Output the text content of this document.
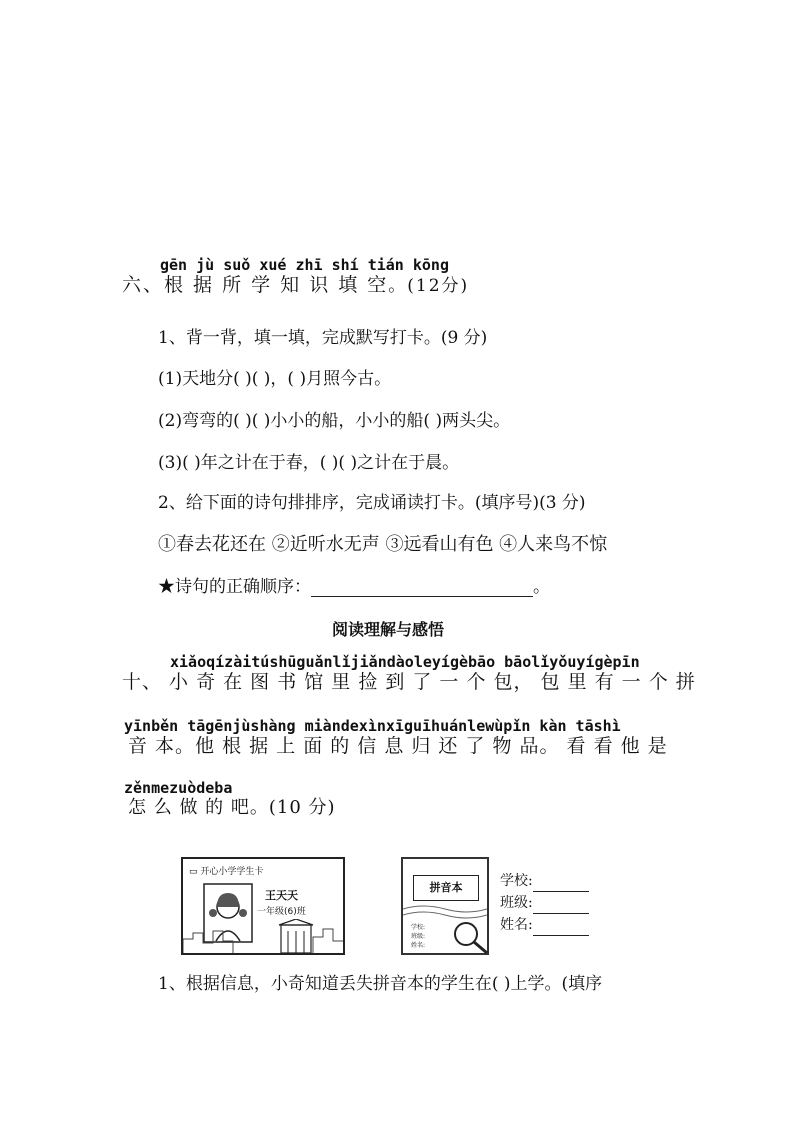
gēn jù suǒ xué zhī shí tián kōng
六、根 据 所 学 知 识 填 空。(12分)
1、背一背，填一填，完成默写打卡。(9 分)
(1)天地分( )( )，( )月照今古。
(2)弯弯的( )( )小小的船，小小的船( )两头尖。
(3)( )年之计在于春，( )( )之计在于晨。
2、给下面的诗句排排序，完成诵读打卡。(填序号)(3 分)
①春去花还在 ②近听水无声 ③远看山有色 ④人来鸟不惊
★诗句的正确顺序：	。
阅读理解与感悟
xiǎoqízàitúshūguǎnlǐjiǎndàoleyígèbāo bāolǐyǒuyígèpīn
十、 小 奇 在 图 书 馆 里 捡 到 了 一 个 包， 包 里 有 一 个 拼
yīnběn tāgēnjùshàng miàndexìnxīguīhuánlewùpǐn kàn tāshì
音 本。他 根 据 上 面 的 信 息 归 还 了 物 品。 看 看 他 是
zěnmezuòdeba
怎 么 做 的 吧。(10 分)
▭ 开心小学学生卡
王天天
一年级(6)班
拼音本
学校:
班级:
姓名:
学校:
班级:
姓名:
1、根据信息，小奇知道丢失拼音本的学生在( )上学。(填序
